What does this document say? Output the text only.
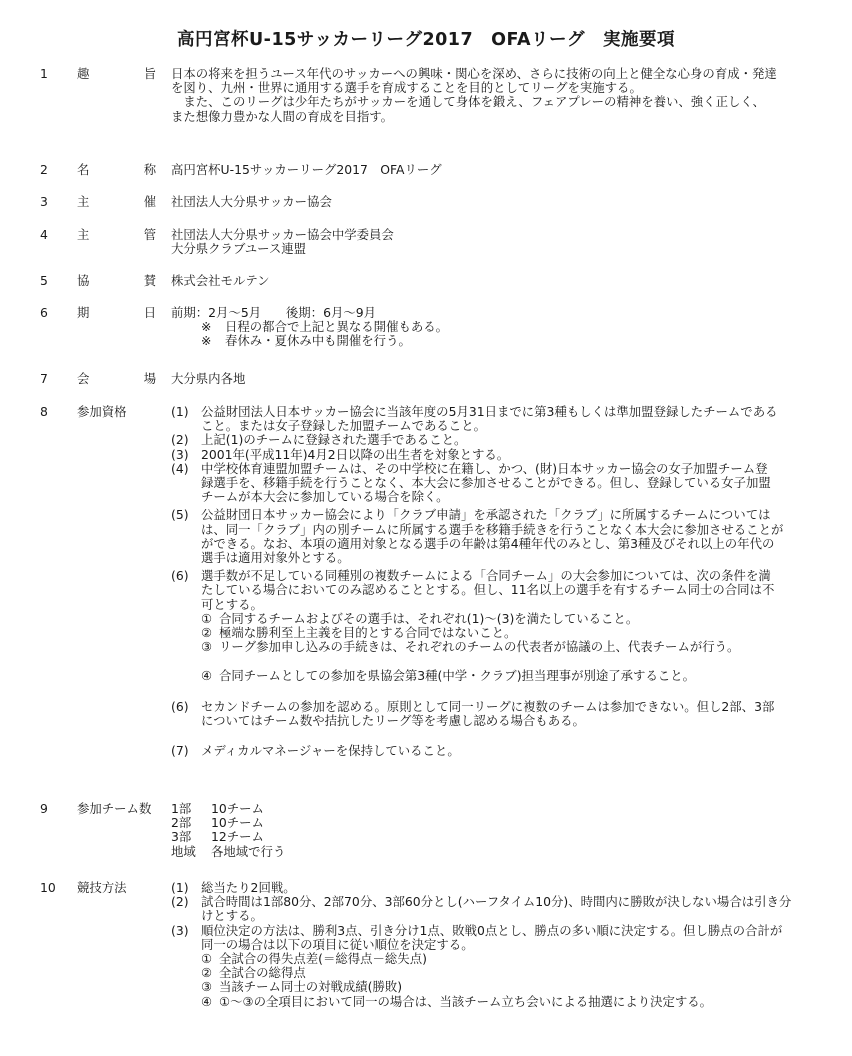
高円宮杯U-15サッカーリーグ2017　OFAリーグ　実施要項
1	趣　旨
日本の将来を担うユース年代のサッカーへの興味・関心を深め、さらに技術の向上と健全な心身の育成・発達
を図り、九州・世界に通用する選手を育成することを目的としてリーグを実施する。
　また、このリーグは少年たちがサッカーを通して身体を鍛え、フェアプレーの精神を養い、強く正しく、
また想像力豊かな人間の育成を目指す。
2	名　称
高円宮杯U-15サッカーリーグ2017　OFAリーグ
3	主　催
社団法人大分県サッカー協会
4	主　管
社団法人大分県サッカー協会中学委員会
大分県クラブユース連盟
5	協　賛
株式会社モルテン
6	期　日
前期：2月～5月　　後期：6月～9月
※ 日程の都合で上記と異なる開催もある。
※ 春休み・夏休み中も開催を行う。
7	会　場
大分県内各地
8	参加資格	(1) 公益財団法人日本サッカー協会に当該年度の5月31日までに第3種もしくは準加盟登録したチームである
こと。または女子登録した加盟チームであること。
(2) 上記(1)のチームに登録された選手であること。
(3) 2001年(平成11年)4月2日以降の出生者を対象とする。
(4) 中学校体育連盟加盟チームは、その中学校に在籍し、かつ、(財)日本サッカー協会の女子加盟チーム登
録選手を、移籍手続を行うことなく、本大会に参加させることができる。但し、登録している女子加盟
チームが本大会に参加している場合を除く。
(5) 公益財団日本サッカー協会により「クラブ申請」を承認された「クラブ」に所属するチームについては
は、同一「クラブ」内の別チームに所属する選手を移籍手続きを行うことなく本大会に参加させることが
ができる。なお、本項の適用対象となる選手の年齢は第4種年代のみとし、第3種及びそれ以上の年代の
選手は適用対象外とする。
(6) 選手数が不足している同種別の複数チームによる「合同チーム」の大会参加については、次の条件を満
たしている場合においてのみ認めることとする。但し、11名以上の選手を有するチーム同士の合同は不
可とする。
① 合同するチームおよびその選手は、それぞれ(1)～(3)を満たしていること。
② 極端な勝利至上主義を目的とする合同ではないこと。
③ リーグ参加申し込みの手続きは、それぞれのチームの代表者が協議の上、代表チームが行う。
④ 合同チームとしての参加を県協会第3種(中学・クラブ)担当理事が別途了承すること。
(6) セカンドチームの参加を認める。原則として同一リーグに複数のチームは参加できない。但し2部、3部
についてはチーム数や拮抗したリーグ等を考慮し認める場合もある。
(7) メディカルマネージャーを保持していること。
9	参加チーム数	1部 10チーム
2部 10チーム
3部 12チーム
地域 各地域で行う
10	競技方法	(1) 総当たり2回戦。
(2) 試合時間は1部80分、2部70分、3部60分とし(ハーフタイム10分)、時間内に勝敗が決しない場合は引き分
けとする。
(3) 順位決定の方法は、勝利3点、引き分け1点、敗戦0点とし、勝点の多い順に決定する。但し勝点の合計が
同一の場合は以下の項目に従い順位を決定する。
① 全試合の得失点差(＝総得点－総失点)
② 全試合の総得点
③ 当該チーム同士の対戦成績(勝敗)
④ ①～③の全項目において同一の場合は、当該チーム立ち会いによる抽選により決定する。
